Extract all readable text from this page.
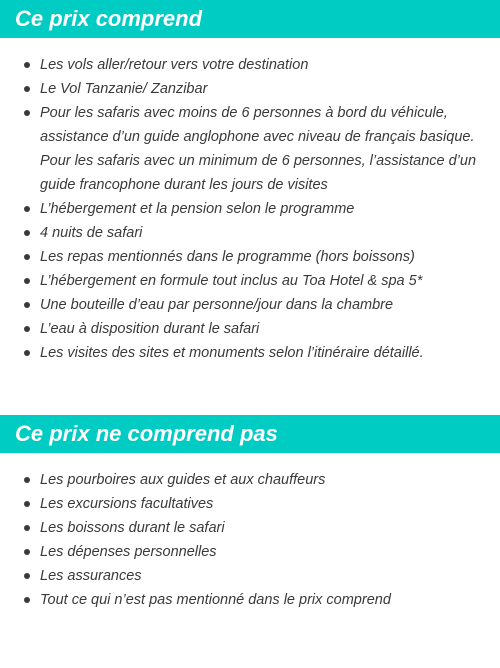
Ce prix comprend
Les vols aller/retour vers votre destination
Le Vol Tanzanie/ Zanzibar
Pour les safaris avec moins de 6 personnes à bord du véhicule, assistance d’un guide anglophone avec niveau de français basique. Pour les safaris avec un minimum de 6 personnes, l’assistance d’un guide francophone durant les jours de visites
L’hébergement et la pension selon le programme
4 nuits de safari
Les repas mentionnés dans le programme (hors boissons)
L’hébergement en formule tout inclus au Toa Hotel & spa 5*
Une bouteille d’eau par personne/jour dans la chambre
L’eau à disposition durant le safari
Les visites des sites et monuments selon l’itinéraire détaillé.
Ce prix ne comprend pas
Les pourboires aux guides et aux chauffeurs
Les excursions facultatives
Les boissons durant le safari
Les dépenses personnelles
Les assurances
Tout ce qui n’est pas mentionné dans le prix comprend
